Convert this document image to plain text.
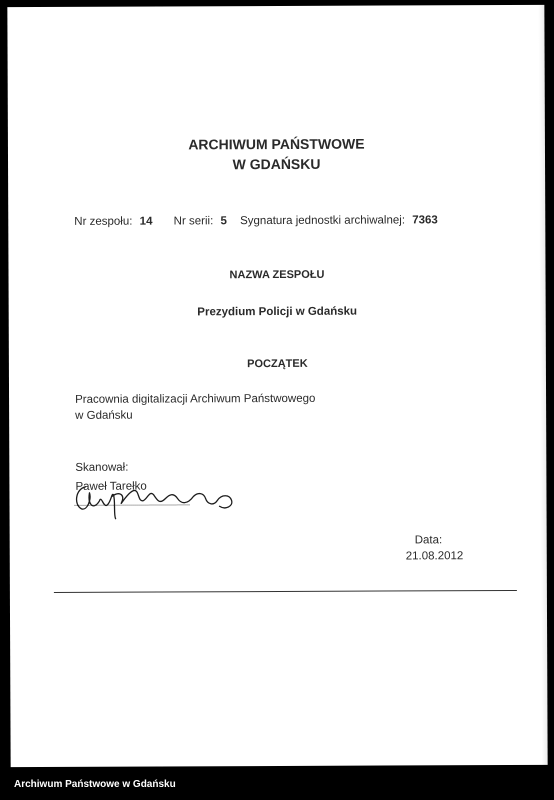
ARCHIWUM PAŃSTWOWE
W GDAŃSKU
Nr zespołu: 14 Nr serii: 5 Sygnatura jednostki archiwalnej: 7363
NAZWA ZESPOŁU
Prezydium Policji w Gdańsku
POCZĄTEK
Pracownia digitalizacji Archiwum Państwowego
w Gdańsku
Skanował:
Paweł Tarełko
Data:
21.08.2012
Archiwum Państwowe w Gdańsku
